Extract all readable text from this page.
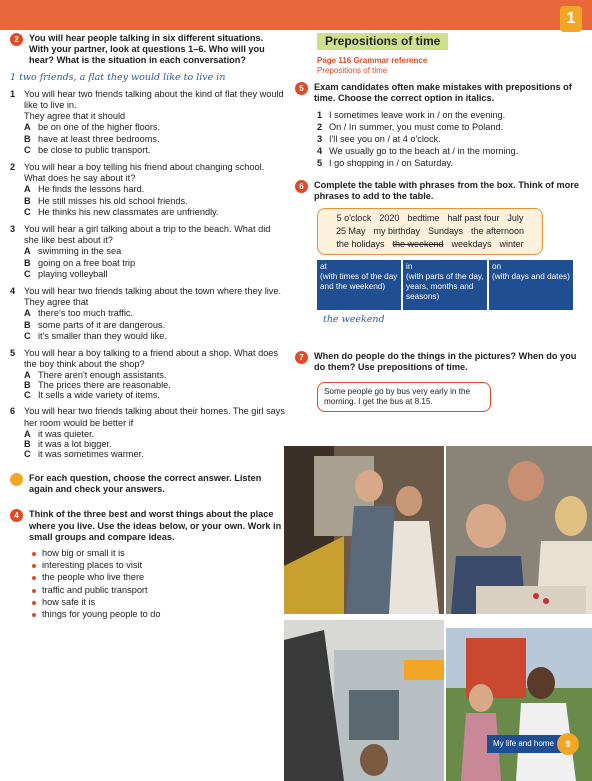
1
2	You will hear people talking in six different situations. With your partner, look at questions 1–6. Who will you hear? What is the situation in each conversation?
1 two friends, a flat they would like to live in
1 You will hear two friends talking about the kind of flat they would like to live in.
They agree that it should
A be on one of the higher floors.
B have at least three bedrooms.
C be close to public transport.
2 You will hear a boy telling his friend about changing school. What does he say about it?
A He finds the lessons hard.
B He still misses his old school friends.
C He thinks his new classmates are unfriendly.
3 You will hear a girl talking about a trip to the beach. What did she like best about it?
A swimming in the sea
B going on a free boat trip
C playing volleyball
4 You will hear two friends talking about the town where they live. They agree that
A there's too much traffic.
B some parts of it are dangerous.
C it's smaller than they would like.
5 You will hear a boy talking to a friend about a shop. What does the boy think about the shop?
A There aren't enough assistants.
B The prices there are reasonable.
C It sells a wide variety of items.
6 You will hear two friends talking about their homes. The girl says her room would be better if
A it was quieter.
B it was a lot bigger.
C it was sometimes warmer.
For each question, choose the correct answer. Listen again and check your answers.
4	Think of the three best and worst things about the place where you live. Use the ideas below, or your own. Work in small groups and compare ideas.
how big or small it is
interesting places to visit
the people who live there
traffic and public transport
how safe it is
things for young people to do
Prepositions of time
Page 116 Grammar reference
Prepositions of time
5	Exam candidates often make mistakes with prepositions of time. Choose the correct option in italics.
1 I sometimes leave work in / on the evening.
2 On / In summer, you must come to Poland.
3 I'll see you on / at 4 o'clock.
4 We usually go to the beach at / in the morning.
5 I go shopping in / on Saturday.
6	Complete the table with phrases from the box. Think of more phrases to add to the table.
5 o'clock 2020 bedtime half past four July
25 May my birthday Sundays the afternoon
the holidays the weekend weekdays winter
at
(with times of the day and the weekend)
in
(with parts of the day, years, months and seasons)
on
(with days and dates)
the weekend
7	When do people do the things in the pictures? When do you do them? Use prepositions of time.
Some people go by bus very early in the morning. I get the bus at 8.15.
My life and home	9
